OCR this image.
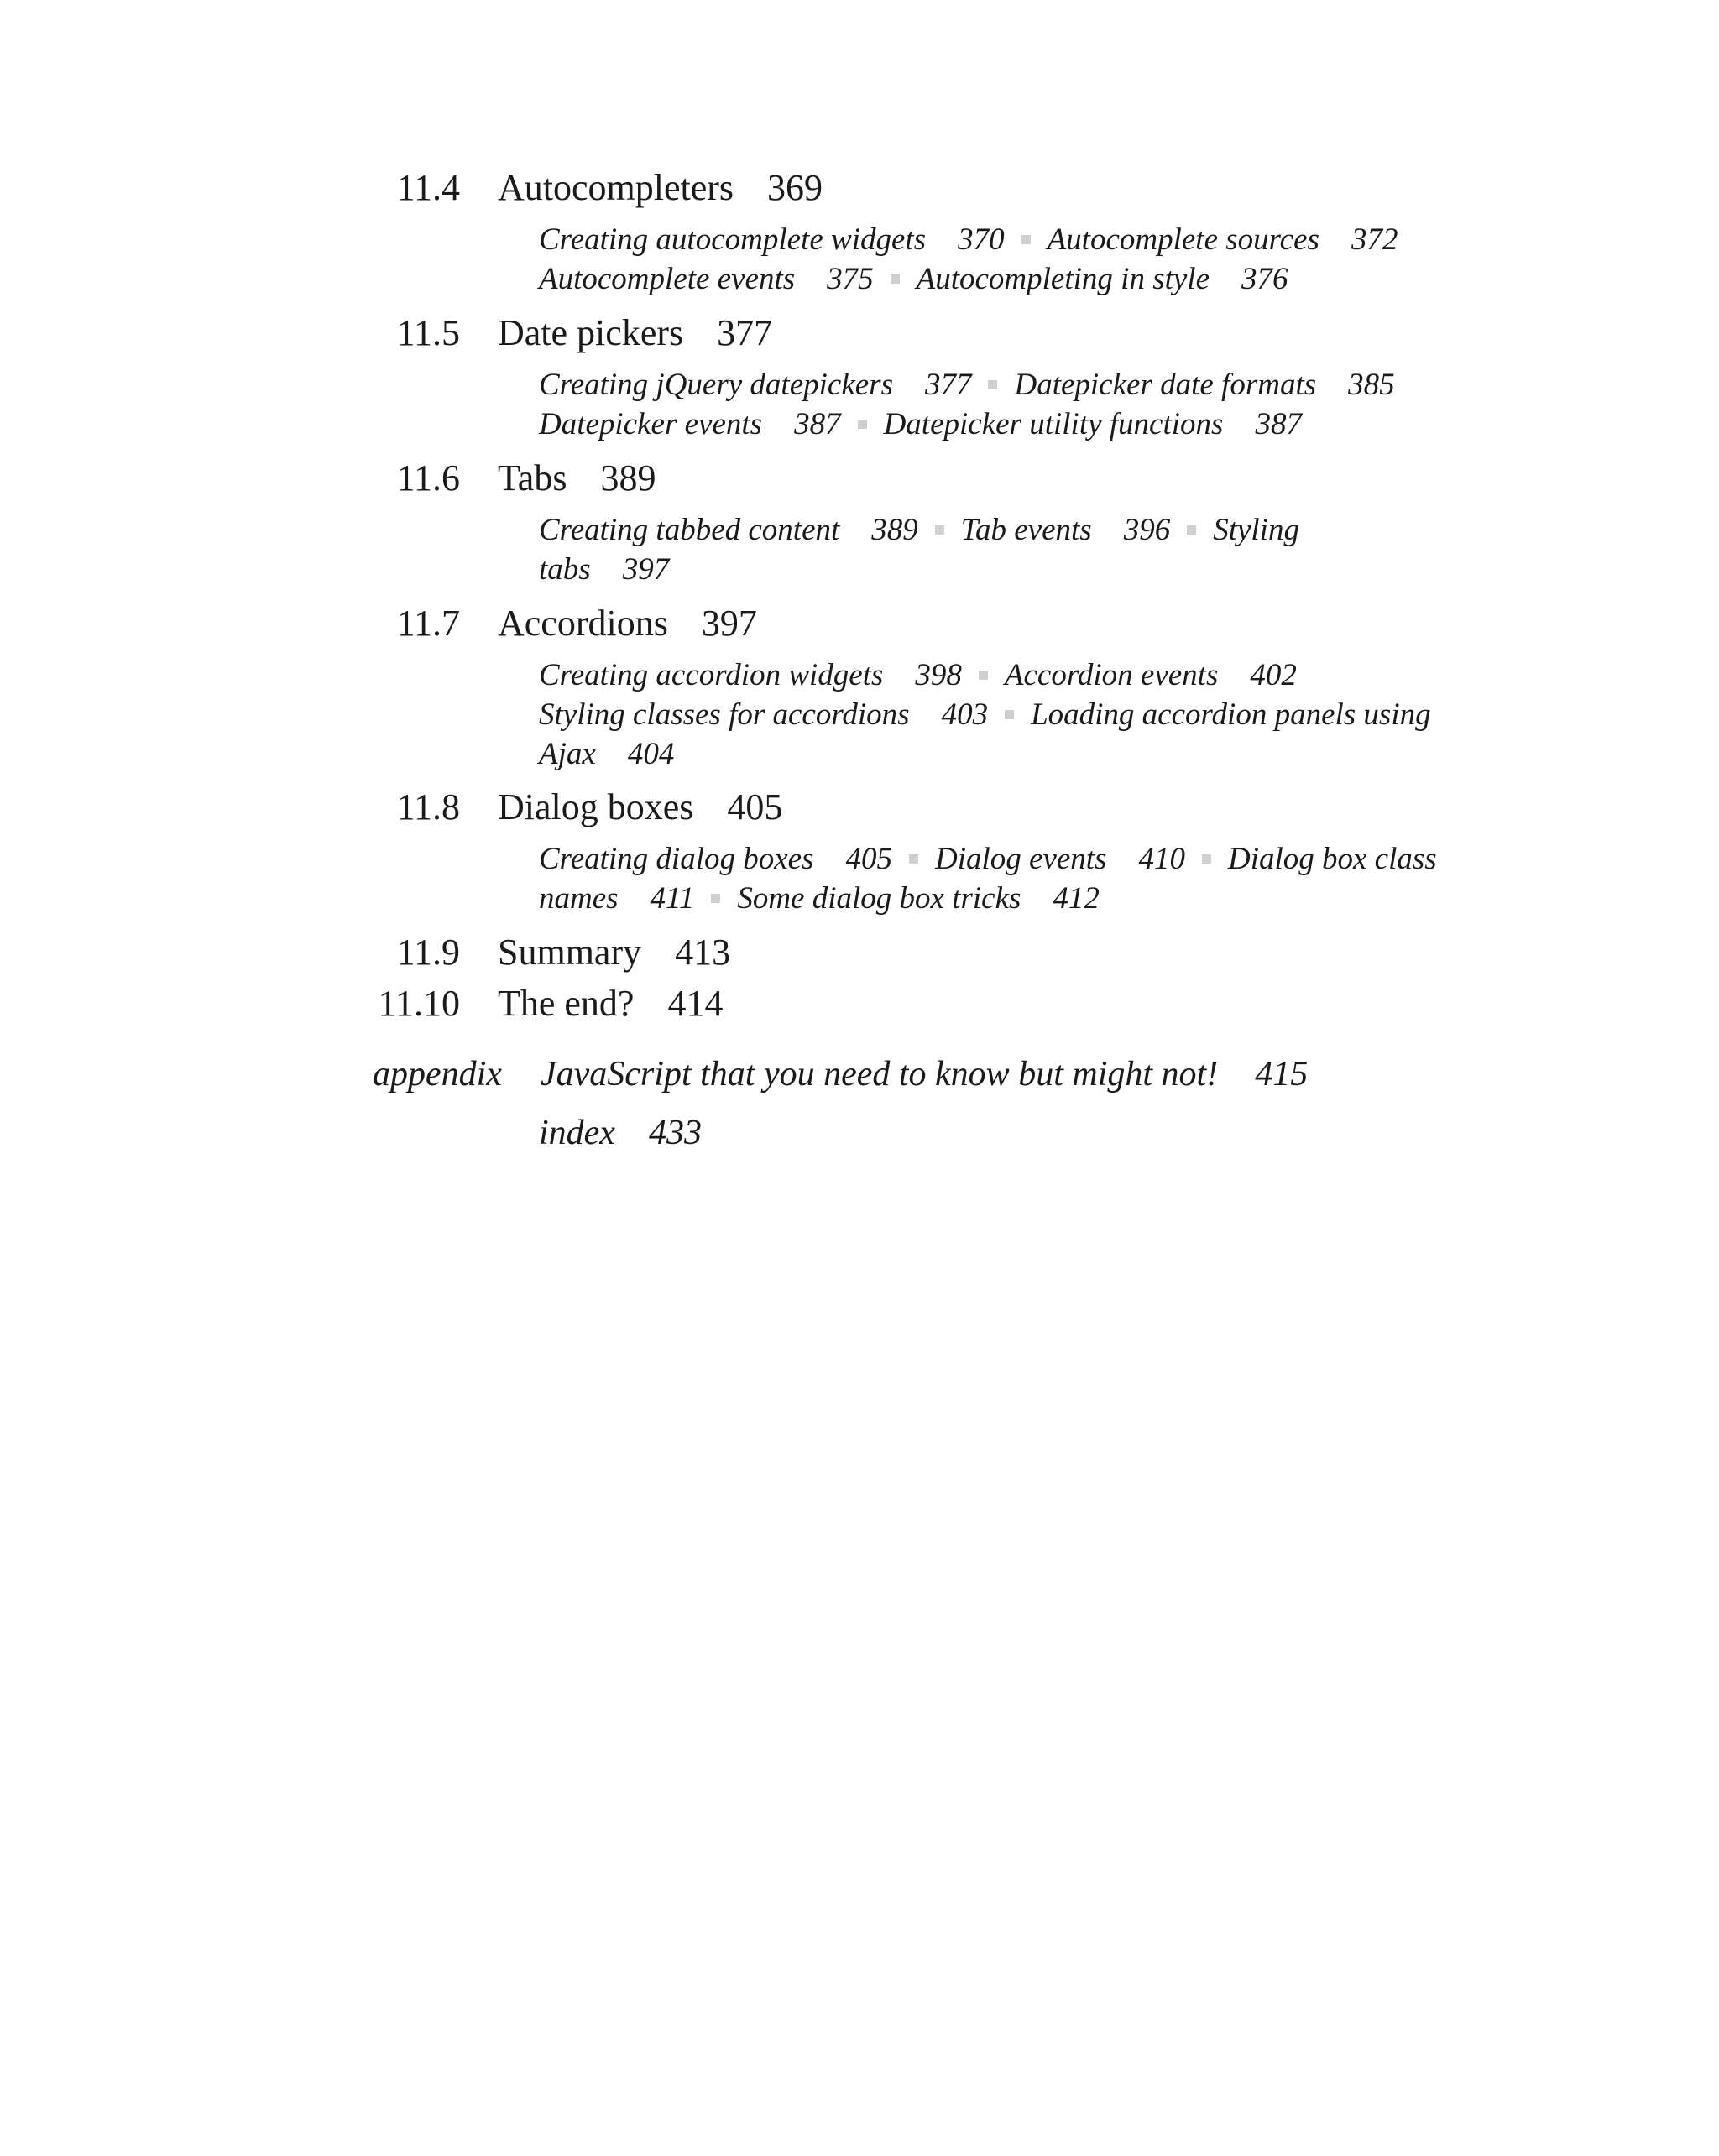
11.4 Autocompleters 369
Creating autocomplete widgets 370 Autocomplete sources 372
Autocomplete events 375 Autocompleting in style 376
11.5 Date pickers 377
Creating jQuery datepickers 377 Datepicker date formats 385
Datepicker events 387 Datepicker utility functions 387
11.6 Tabs 389
Creating tabbed content 389 Tab events 396 Styling
tabs 397
11.7 Accordions 397
Creating accordion widgets 398 Accordion events 402
Styling classes for accordions 403 Loading accordion panels using
Ajax 404
11.8 Dialog boxes 405
Creating dialog boxes 405 Dialog events 410 Dialog box class
names 411 Some dialog box tricks 412
11.9 Summary 413
11.10 The end? 414
appendix JavaScript that you need to know but might not! 415
index 433
